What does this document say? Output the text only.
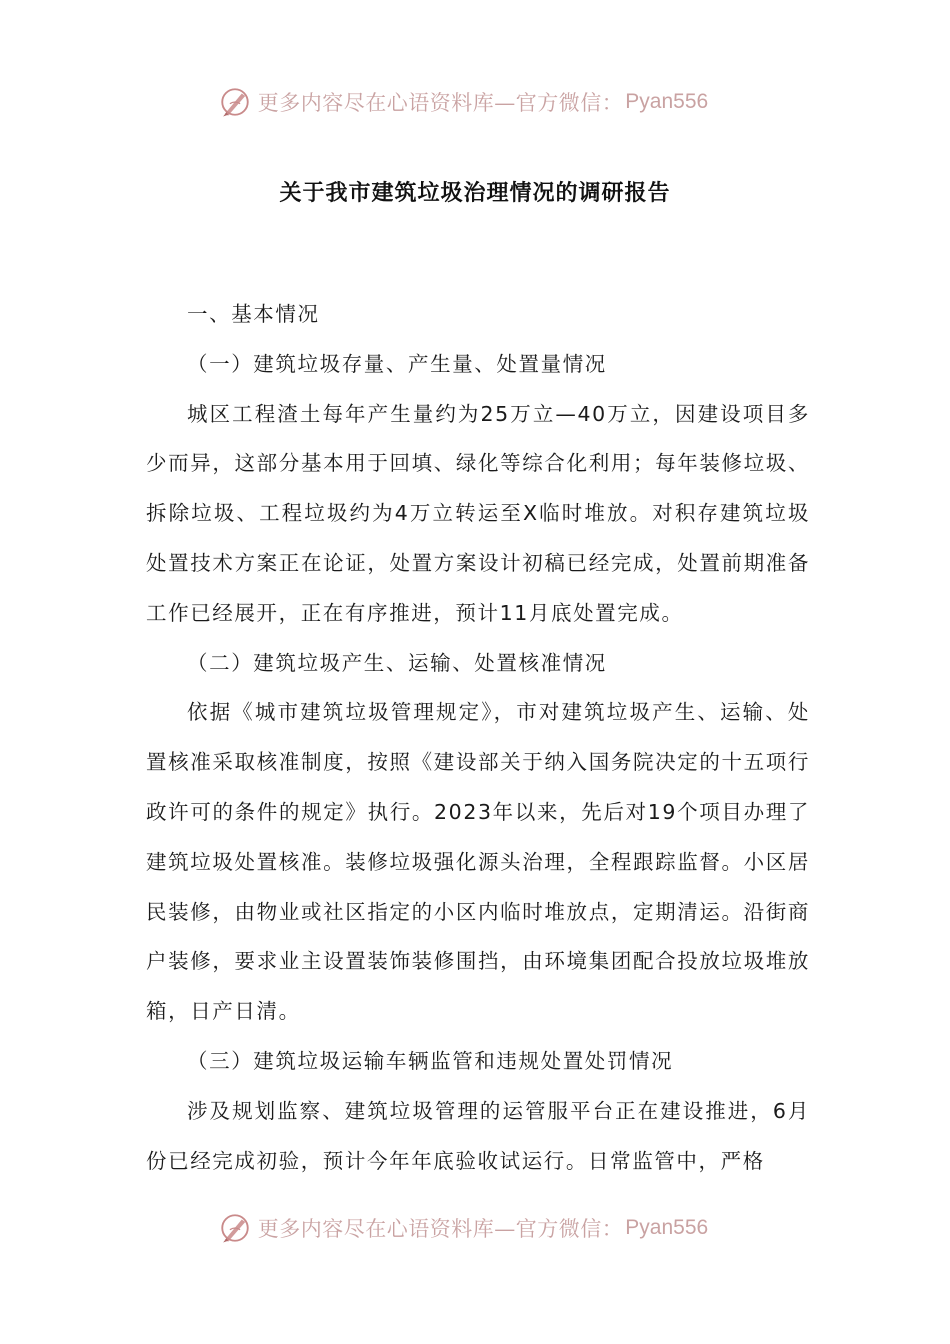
更多内容尽在心语资料库—官方微信： Pyan556
关于我市建筑垃圾治理情况的调研报告

一、基本情况

（一）建筑垃圾存量、产生量、处置量情况

城区工程渣土每年产生量约为25万立—40万立，因建设项目多少而异，这部分基本用于回填、绿化等综合化利用；每年装修垃圾、拆除垃圾、工程垃圾约为4万立转运至X临时堆放。对积存建筑垃圾处置技术方案正在论证，处置方案设计初稿已经完成，处置前期准备工作已经展开，正在有序推进，预计11月底处置完成。

（二）建筑垃圾产生、运输、处置核准情况

依据《城市建筑垃圾管理规定》，市对建筑垃圾产生、运输、处置核准采取核准制度，按照《建设部关于纳入国务院决定的十五项行政许可的条件的规定》执行。2023年以来，先后对19个项目办理了建筑垃圾处置核准。装修垃圾强化源头治理，全程跟踪监督。小区居民装修，由物业或社区指定的小区内临时堆放点，定期清运。沿街商户装修，要求业主设置装饰装修围挡，由环境集团配合投放垃圾堆放箱，日产日清。

（三）建筑垃圾运输车辆监管和违规处置处罚情况

涉及规划监察、建筑垃圾管理的运管服平台正在建设推进，6月份已经完成初验，预计今年年底验收试运行。日常监管中，严格

更多内容尽在心语资料库—官方微信： Pyan556
